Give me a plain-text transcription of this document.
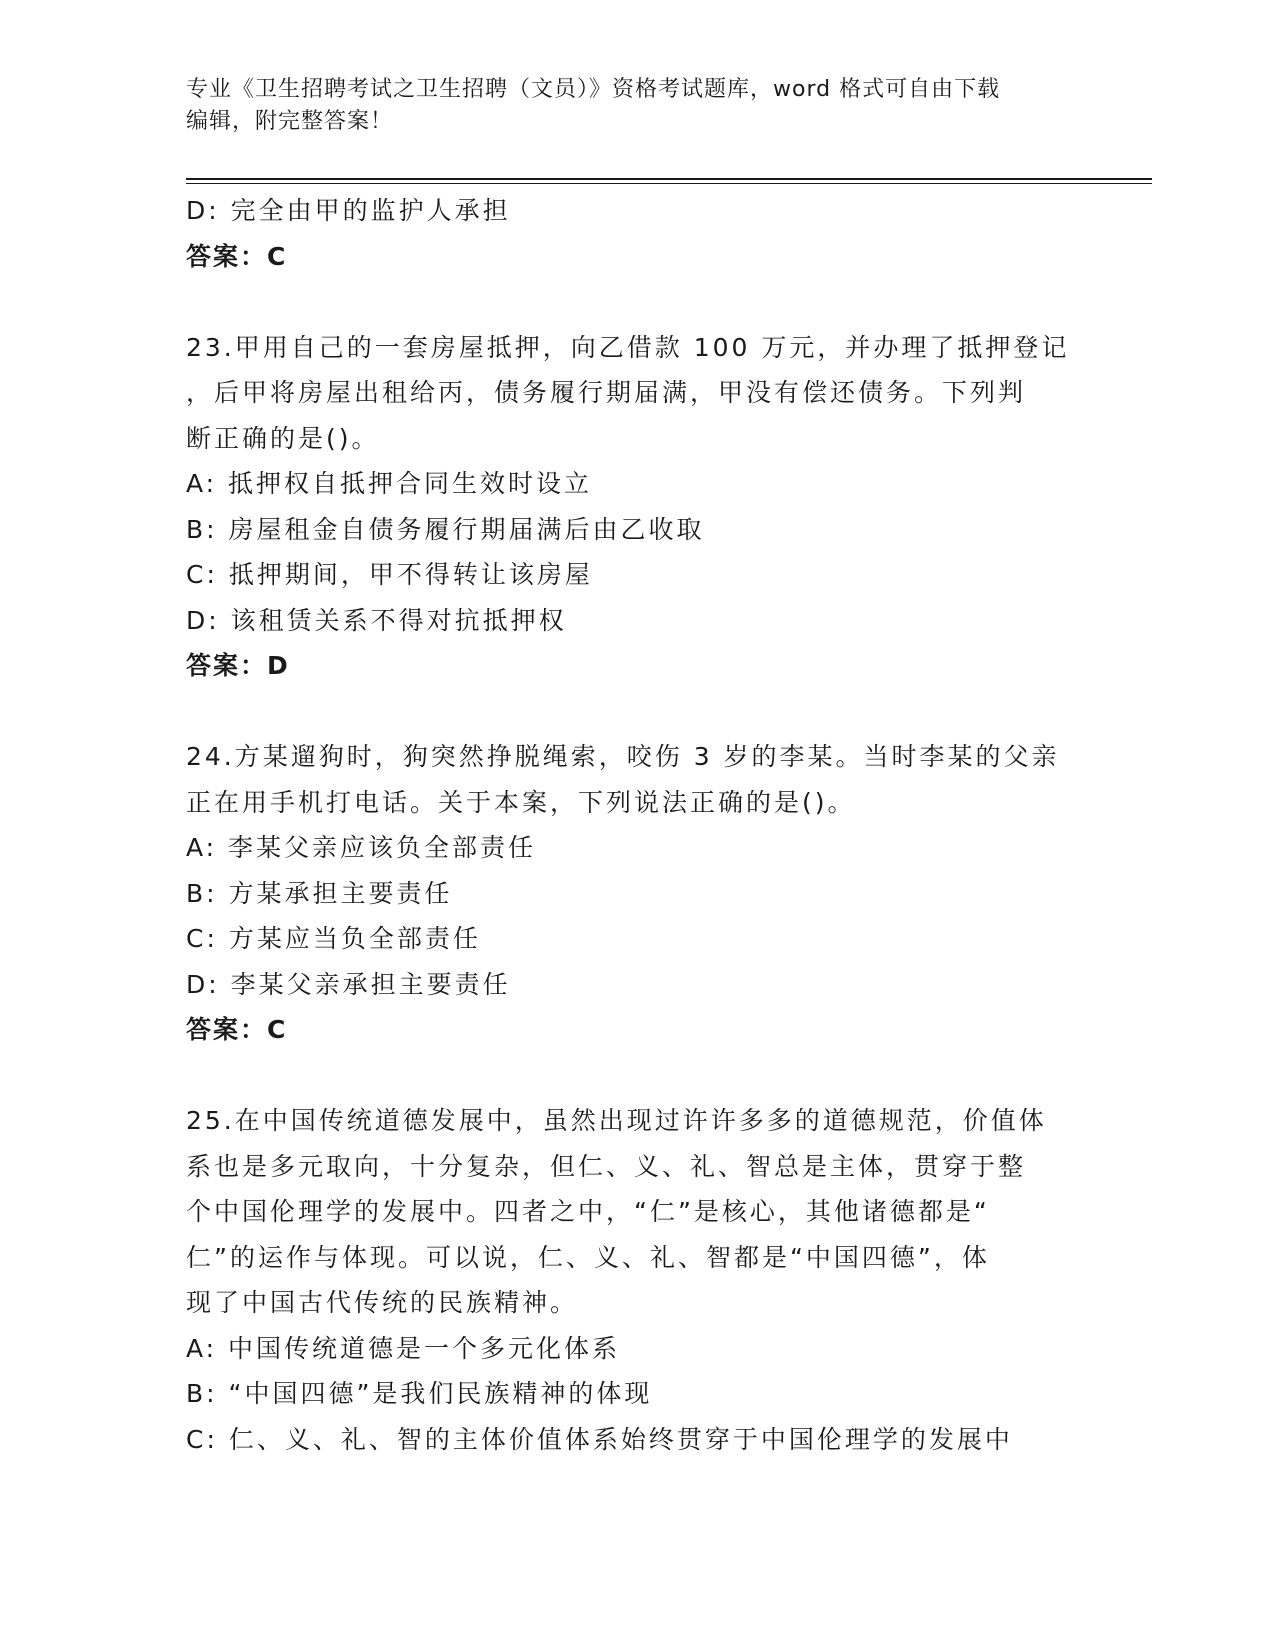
专业《卫生招聘考试之卫生招聘（文员）》资格考试题库，word 格式可自由下载
编辑，附完整答案！
D: 完全由甲的监护人承担
答案：C
23.甲用自己的一套房屋抵押，向乙借款 100 万元，并办理了抵押登记
，后甲将房屋出租给丙，债务履行期届满，甲没有偿还债务。下列判
断正确的是()。
A: 抵押权自抵押合同生效时设立
B: 房屋租金自债务履行期届满后由乙收取
C: 抵押期间，甲不得转让该房屋
D: 该租赁关系不得对抗抵押权
答案：D
24.方某遛狗时，狗突然挣脱绳索，咬伤 3 岁的李某。当时李某的父亲
正在用手机打电话。关于本案，下列说法正确的是()。
A: 李某父亲应该负全部责任
B: 方某承担主要责任
C: 方某应当负全部责任
D: 李某父亲承担主要责任
答案：C
25.在中国传统道德发展中，虽然出现过许许多多的道德规范，价值体
系也是多元取向，十分复杂，但仁、义、礼、智总是主体，贯穿于整
个中国伦理学的发展中。四者之中，“仁”是核心，其他诸德都是“
仁”的运作与体现。可以说，仁、义、礼、智都是“中国四德”，体
现了中国古代传统的民族精神。
A: 中国传统道德是一个多元化体系
B: “中国四德”是我们民族精神的体现
C: 仁、义、礼、智的主体价值体系始终贯穿于中国伦理学的发展中
